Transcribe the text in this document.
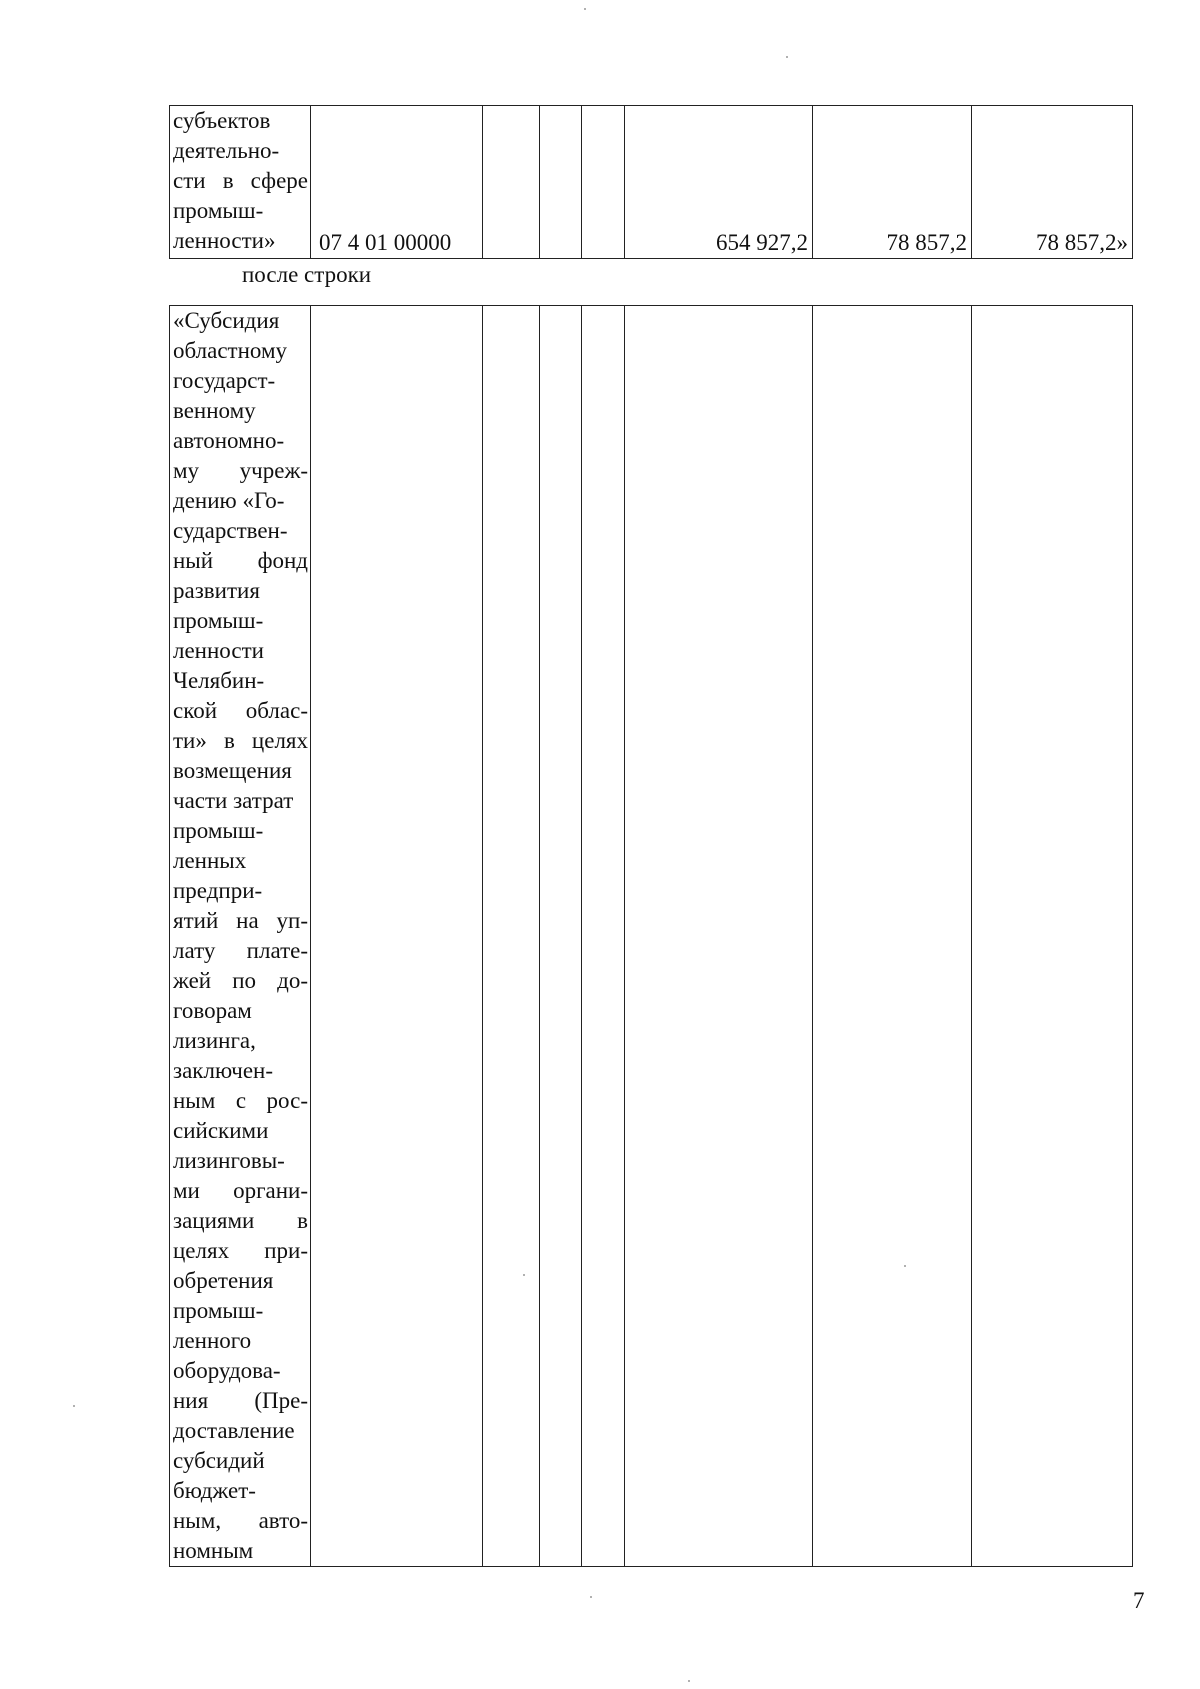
субъектов
деятельно-
сти в сфере
промыш-
ленности»	07 4 01 00000				654 927,2	78 857,2	78 857,2»
после строки
«Субсидия
областному
государст-
венному
автономно-
му учреж-
дению «Го-
сударствен-
ный фонд
развития
промыш-
ленности
Челябин-
ской облас-
ти» в целях
возмещения
части затрат
промыш-
ленных
предпри-
ятий на уп-
лату плате-
жей по до-
говорам
лизинга,
заключен-
ным с рос-
сийскими
лизинговы-
ми органи-
зациями в
целях при-
обретения
промыш-
ленного
оборудова-
ния (Пре-
доставление
субсидий
бюджет-
ным, авто-
номным

7
